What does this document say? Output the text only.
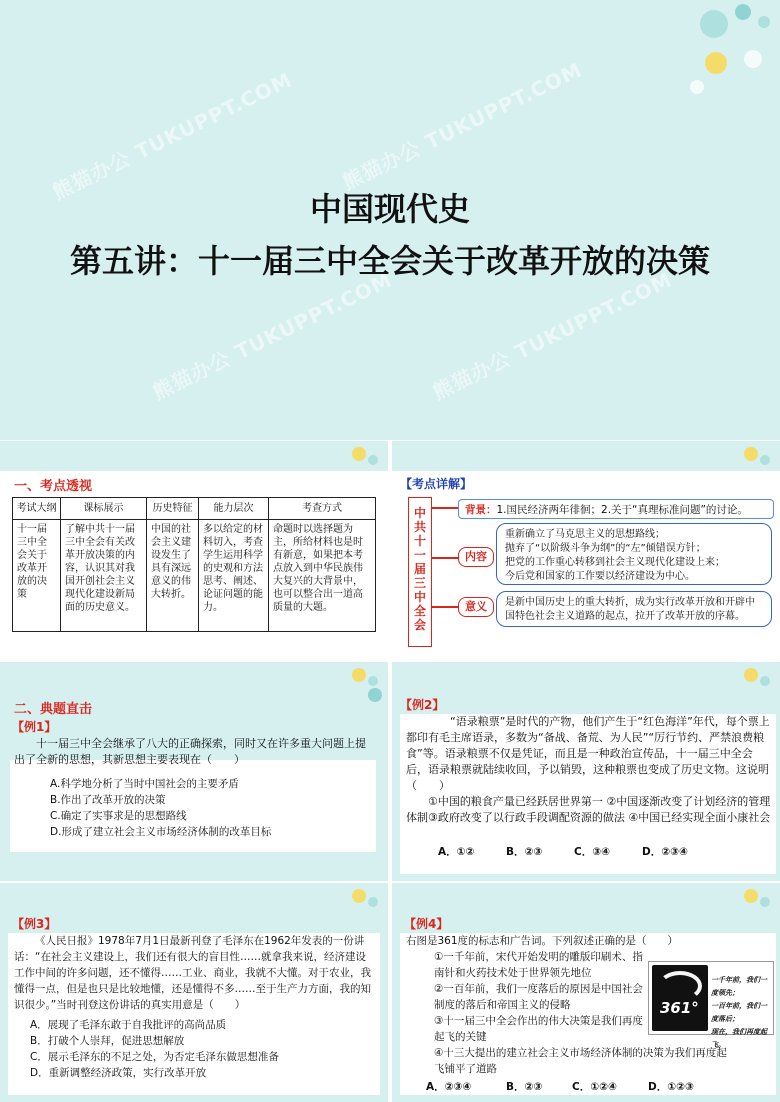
熊猫办公 TUKUPPT.COM 熊猫办公 TUKUPPT.COM
熊猫办公 TUKUPPT.COM 熊猫办公 TUKUPPT.COM
中国现代史
第五讲：十一届三中全会关于改革开放的决策
一、考点透视
考试大纲	课标展示	历史特征	能力层次	考查方式
十一届三中全会关于改革开放的决策	了解中共十一届三中全会有关改革开放决策的内容，认识其对我国开创社会主义现代化建设新局面的历史意义。	中国的社会主义建设发生了具有深远意义的伟大转折。	多以给定的材料切入，考查学生运用科学的史观和方法思考、阐述、论证问题的能力。	命题时以选择题为主，所给材料也是时有新意，如果把本考点放入到中华民族伟大复兴的大背景中，也可以整合出一道高质量的大题。
【考点详解】
中共十一届三中全会
背景：1.国民经济两年徘徊；2.关于“真理标准问题”的讨论。
内容
重新确立了马克思主义的思想路线；
抛弃了“以阶级斗争为纲”的“左”倾错误方针；
把党的工作重心转移到社会主义现代化建设上来；
今后党和国家的工作要以经济建设为中心。
意义	是新中国历史上的重大转折，成为实行改革开放和开辟中国特色社会主义道路的起点，拉开了改革开放的序幕。
二、典题直击
【例1】
十一届三中全会继承了八大的正确探索，同时又在许多重大问题上提出了全新的思想，其新思想主要表现在（　　）
A.科学地分析了当时中国社会的主要矛盾
B.作出了改革开放的决策
C.确定了实事求是的思想路线
D.形成了建立社会主义市场经济体制的改革目标
【例2】
“语录粮票”是时代的产物，他们产生于“红色海洋”年代，每个票上都印有毛主席语录，多数为“备战、备荒、为人民”“厉行节约、严禁浪费粮食”等。语录粮票不仅是凭证，而且是一种政治宣传品，十一届三中全会后，语录粮票就陆续收回，予以销毁，这种粮票也变成了历史文物。这说明（　　）
①中国的粮食产量已经跃居世界第一 ②中国逐渐改变了计划经济的管理体制③政府改变了以行政手段调配资源的做法 ④中国已经实现全面小康社会
A．①②	B．②③	C．③④	D．②③④
【例3】
《人民日报》1978年7月1日最新刊登了毛泽东在1962年发表的一份讲话：“在社会主义建设上，我们还有很大的盲目性……就拿我来说，经济建设工作中间的许多问题，还不懂得……工业、商业，我就不大懂。对于农业，我懂得一点，但是也只是比较地懂，还是懂得不多……至于生产力方面，我的知识很少。”当时刊登这份讲话的真实用意是（　　）
A．展现了毛泽东敢于自我批评的高尚品质
B．打破个人崇拜，促进思想解放
C．展示毛泽东的不足之处，为否定毛泽东做思想准备
D．重新调整经济政策，实行改革开放
【例4】
右图是361度的标志和广告词。下列叙述正确的是（　　）
①一千年前，宋代开始发明的雕版印刷术、指南针和火药技术处于世界领先地位
②一百年前，我们一度落后的原因是中国社会制度的落后和帝国主义的侵略
③十一届三中全会作出的伟大决策是我们再度起飞的关键
④十三大提出的建立社会主义市场经济体制的决策为我们再度起飞铺平了道路
A．②③④	B．②③	C．①②④	D．①②③
361°
一千年前，我们一度领先；
一百年前，我们一度落后；
现在，我们再度起飞。
